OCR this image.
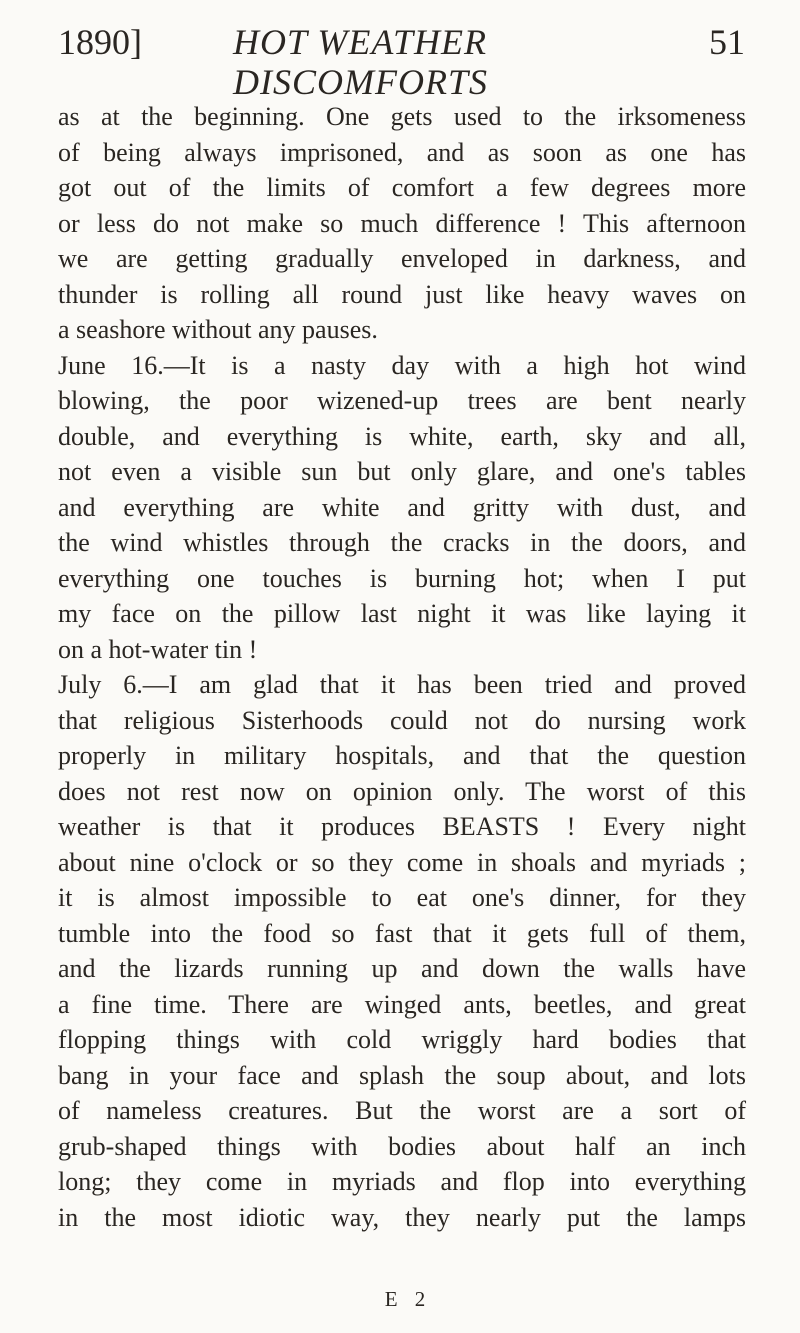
1890]	HOT WEATHER DISCOMFORTS
51
as at the beginning. One gets used to the irksomeness
of being always imprisoned, and as soon as one has
got out of the limits of comfort a few degrees more
or less do not make so much difference ! This afternoon
we are getting gradually enveloped in darkness, and
thunder is rolling all round just like heavy waves on
a seashore without any pauses.
June 16.—It is a nasty day with a high hot wind
blowing, the poor wizened-up trees are bent nearly
double, and everything is white, earth, sky and all,
not even a visible sun but only glare, and one's tables
and everything are white and gritty with dust, and
the wind whistles through the cracks in the doors, and
everything one touches is burning hot; when I put
my face on the pillow last night it was like laying it
on a hot-water tin !
July 6.—I am glad that it has been tried and proved
that religious Sisterhoods could not do nursing work
properly in military hospitals, and that the question
does not rest now on opinion only. The worst of this
weather is that it produces BEASTS ! Every night
about nine o'clock or so they come in shoals and myriads ;
it is almost impossible to eat one's dinner, for they
tumble into the food so fast that it gets full of them,
and the lizards running up and down the walls have
a fine time. There are winged ants, beetles, and great
flopping things with cold wriggly hard bodies that
bang in your face and splash the soup about, and lots
of nameless creatures. But the worst are a sort of
grub-shaped things with bodies about half an inch
long; they come in myriads and flop into everything
in the most idiotic way, they nearly put the lamps
E 2
